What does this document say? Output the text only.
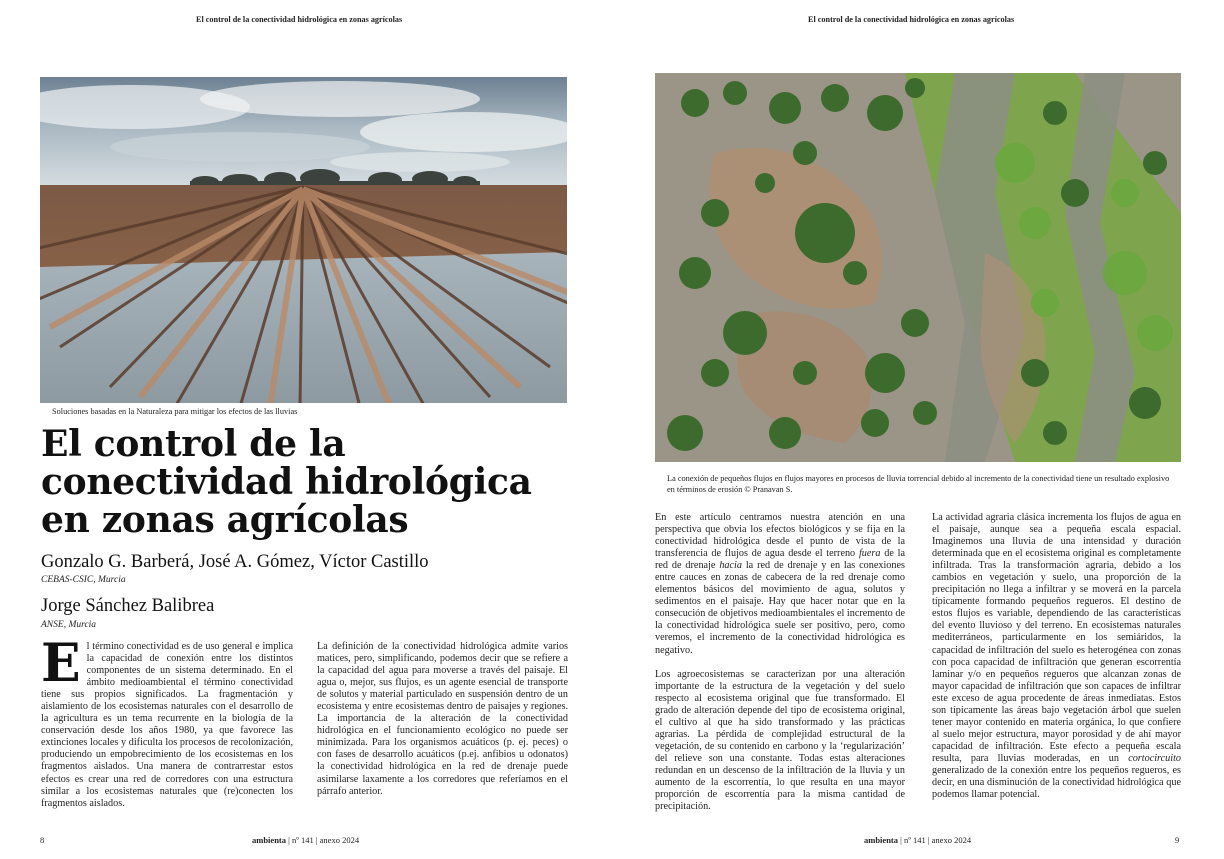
El control de la conectividad hidrológica en zonas agrícolas
Soluciones basadas en la Naturaleza para mitigar los efectos de las lluvias
El control de la conectividad hidrológica en zonas agrícolas
Gonzalo G. Barberá, José A. Gómez, Víctor Castillo
CEBAS-CSIC, Murcia
Jorge Sánchez Balibrea
ANSE, Murcia

El término conectividad es de uso general e implica la capacidad de conexión entre los distintos componentes de un sistema determinado. En el ámbito medioambiental el término conectividad tiene sus propios significados. La fragmentación y aislamiento de los ecosistemas naturales con el desarrollo de la agricultura es un tema recurrente en la biología de la conservación desde los años 1980, ya que favorece las extinciones locales y dificulta los procesos de recolonización, produciendo un empobrecimiento de los ecosistemas en los fragmentos aislados. Una manera de contrarrestar estos efectos es crear una red de corredores con una estructura similar a los ecosistemas naturales que (re)conecten los fragmentos aislados.

La definición de la conectividad hidrológica admite varios matices, pero, simplificando, podemos decir que se refiere a la capacidad del agua para moverse a través del paisaje. El agua o, mejor, sus flujos, es un agente esencial de transporte de solutos y material particulado en suspensión dentro de un ecosistema y entre ecosistemas dentro de paisajes y regiones. La importancia de la alteración de la conectividad hidrológica en el funcionamiento ecológico no puede ser minimizada. Para los organismos acuáticos (p. ej. peces) o con fases de desarrollo acuáticos (p.ej. anfibios u odonatos) la conectividad hidrológica en la red de drenaje puede asimilarse laxamente a los corredores que referíamos en el párrafo anterior.

8	ambienta | nº 141 | anexo 2024
El control de la conectividad hidrológica en zonas agrícolas
La conexión de pequeños flujos en flujos mayores en procesos de lluvia torrencial debido al incremento de la conectividad tiene un resultado explosivo en términos de erosión © Pranavan S.

En este artículo centramos nuestra atención en una perspectiva que obvia los efectos biológicos y se fija en la conectividad hidrológica desde el punto de vista de la transferencia de flujos de agua desde el terreno fuera de la red de drenaje hacia la red de drenaje y en las conexiones entre cauces en zonas de cabecera de la red drenaje como elementos básicos del movimiento de agua, solutos y sedimentos en el paisaje. Hay que hacer notar que en la consecución de objetivos medioambientales el incremento de la conectividad hidrológica suele ser positivo, pero, como veremos, el incremento de la conectividad hidrológica es negativo.

Los agroecosistemas se caracterizan por una alteración importante de la estructura de la vegetación y del suelo respecto al ecosistema original que fue transformado. El grado de alteración depende del tipo de ecosistema original, el cultivo al que ha sido transformado y las prácticas agrarias. La pérdida de complejidad estructural de la vegetación, de su contenido en carbono y la ‘regularización’ del relieve son una constante. Todas estas alteraciones redundan en un descenso de la infiltración de la lluvia y un aumento de la escorrentía, lo que resulta en una mayor proporción de escorrentía para la misma cantidad de precipitación.

La actividad agraria clásica incrementa los flujos de agua en el paisaje, aunque sea a pequeña escala espacial. Imaginemos una lluvia de una intensidad y duración determinada que en el ecosistema original es completamente infiltrada. Tras la transformación agraria, debido a los cambios en vegetación y suelo, una proporción de la precipitación no llega a infiltrar y se moverá en la parcela típicamente formando pequeños regueros. El destino de estos flujos es variable, dependiendo de las características del evento lluvioso y del terreno. En ecosistemas naturales mediterráneos, particularmente en los semiáridos, la capacidad de infiltración del suelo es heterogénea con zonas con poca capacidad de infiltración que generan escorrentía laminar y/o en pequeños regueros que alcanzan zonas de mayor capacidad de infiltración que son capaces de infiltrar este exceso de agua procedente de áreas inmediatas. Estos son típicamente las áreas bajo vegetación árbol que suelen tener mayor contenido en materia orgánica, lo que confiere al suelo mejor estructura, mayor porosidad y de ahí mayor capacidad de infiltración. Este efecto a pequeña escala resulta, para lluvias moderadas, en un cortocircuito generalizado de la conexión entre los pequeños regueros, es decir, en una disminución de la conectividad hidrológica que podemos llamar potencial.

ambienta | nº 141 | anexo 2024	9
